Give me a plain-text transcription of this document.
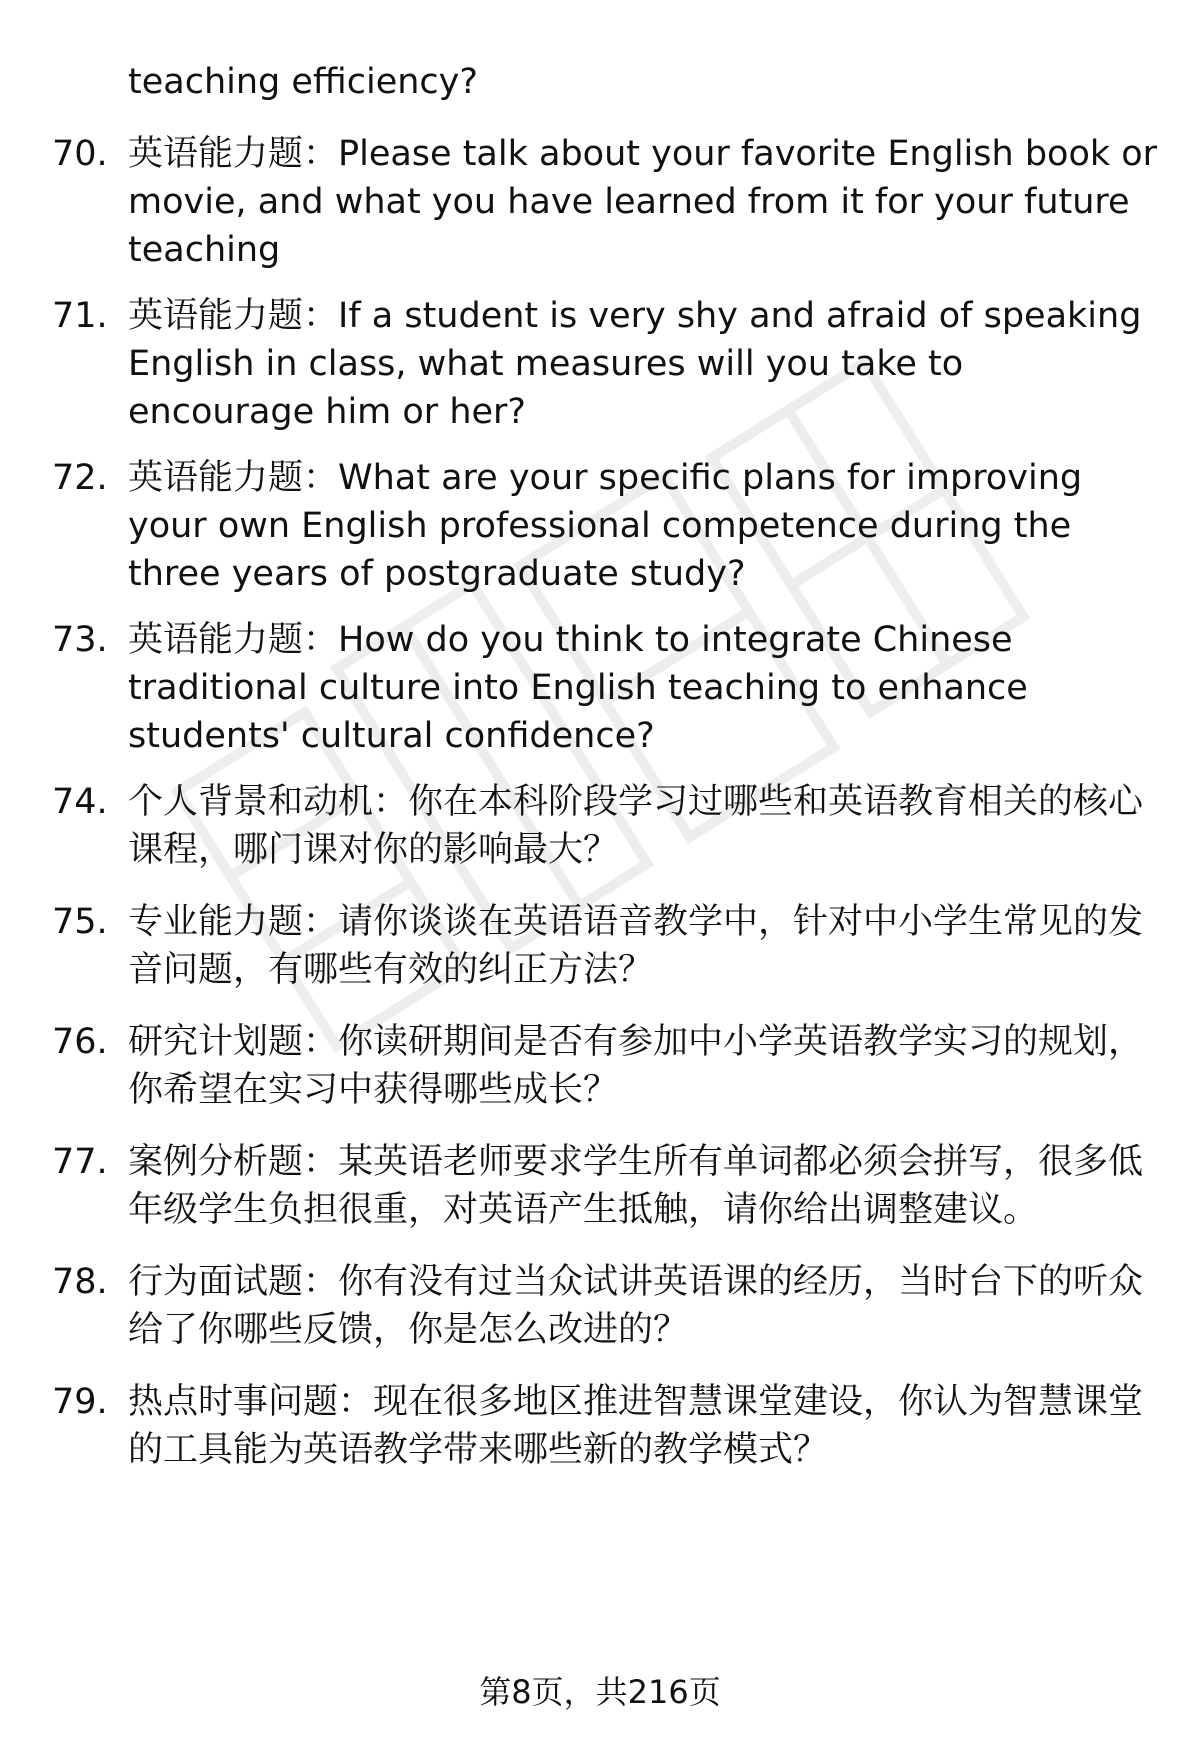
teaching efficiency?
70. 英语能力题：Please talk about your favorite English book or movie, and what you have learned from it for your future teaching
71. 英语能力题：If a student is very shy and afraid of speaking English in class, what measures will you take to encourage him or her?
72. 英语能力题：What are your specific plans for improving your own English professional competence during the three years of postgraduate study?
73. 英语能力题：How do you think to integrate Chinese traditional culture into English teaching to enhance students' cultural confidence?
74. 个人背景和动机：你在本科阶段学习过哪些和英语教育相关的核心课程，哪门课对你的影响最大？
75. 专业能力题：请你谈谈在英语语音教学中，针对中小学生常见的发音问题，有哪些有效的纠正方法？
76. 研究计划题：你读研期间是否有参加中小学英语教学实习的规划，你希望在实习中获得哪些成长？
77. 案例分析题：某英语老师要求学生所有单词都必须会拼写，很多低年级学生负担很重，对英语产生抵触，请你给出调整建议。
78. 行为面试题：你有没有过当众试讲英语课的经历，当时台下的听众给了你哪些反馈，你是怎么改进的？
79. 热点时事问题：现在很多地区推进智慧课堂建设，你认为智慧课堂的工具能为英语教学带来哪些新的教学模式？
第8页，共216页
